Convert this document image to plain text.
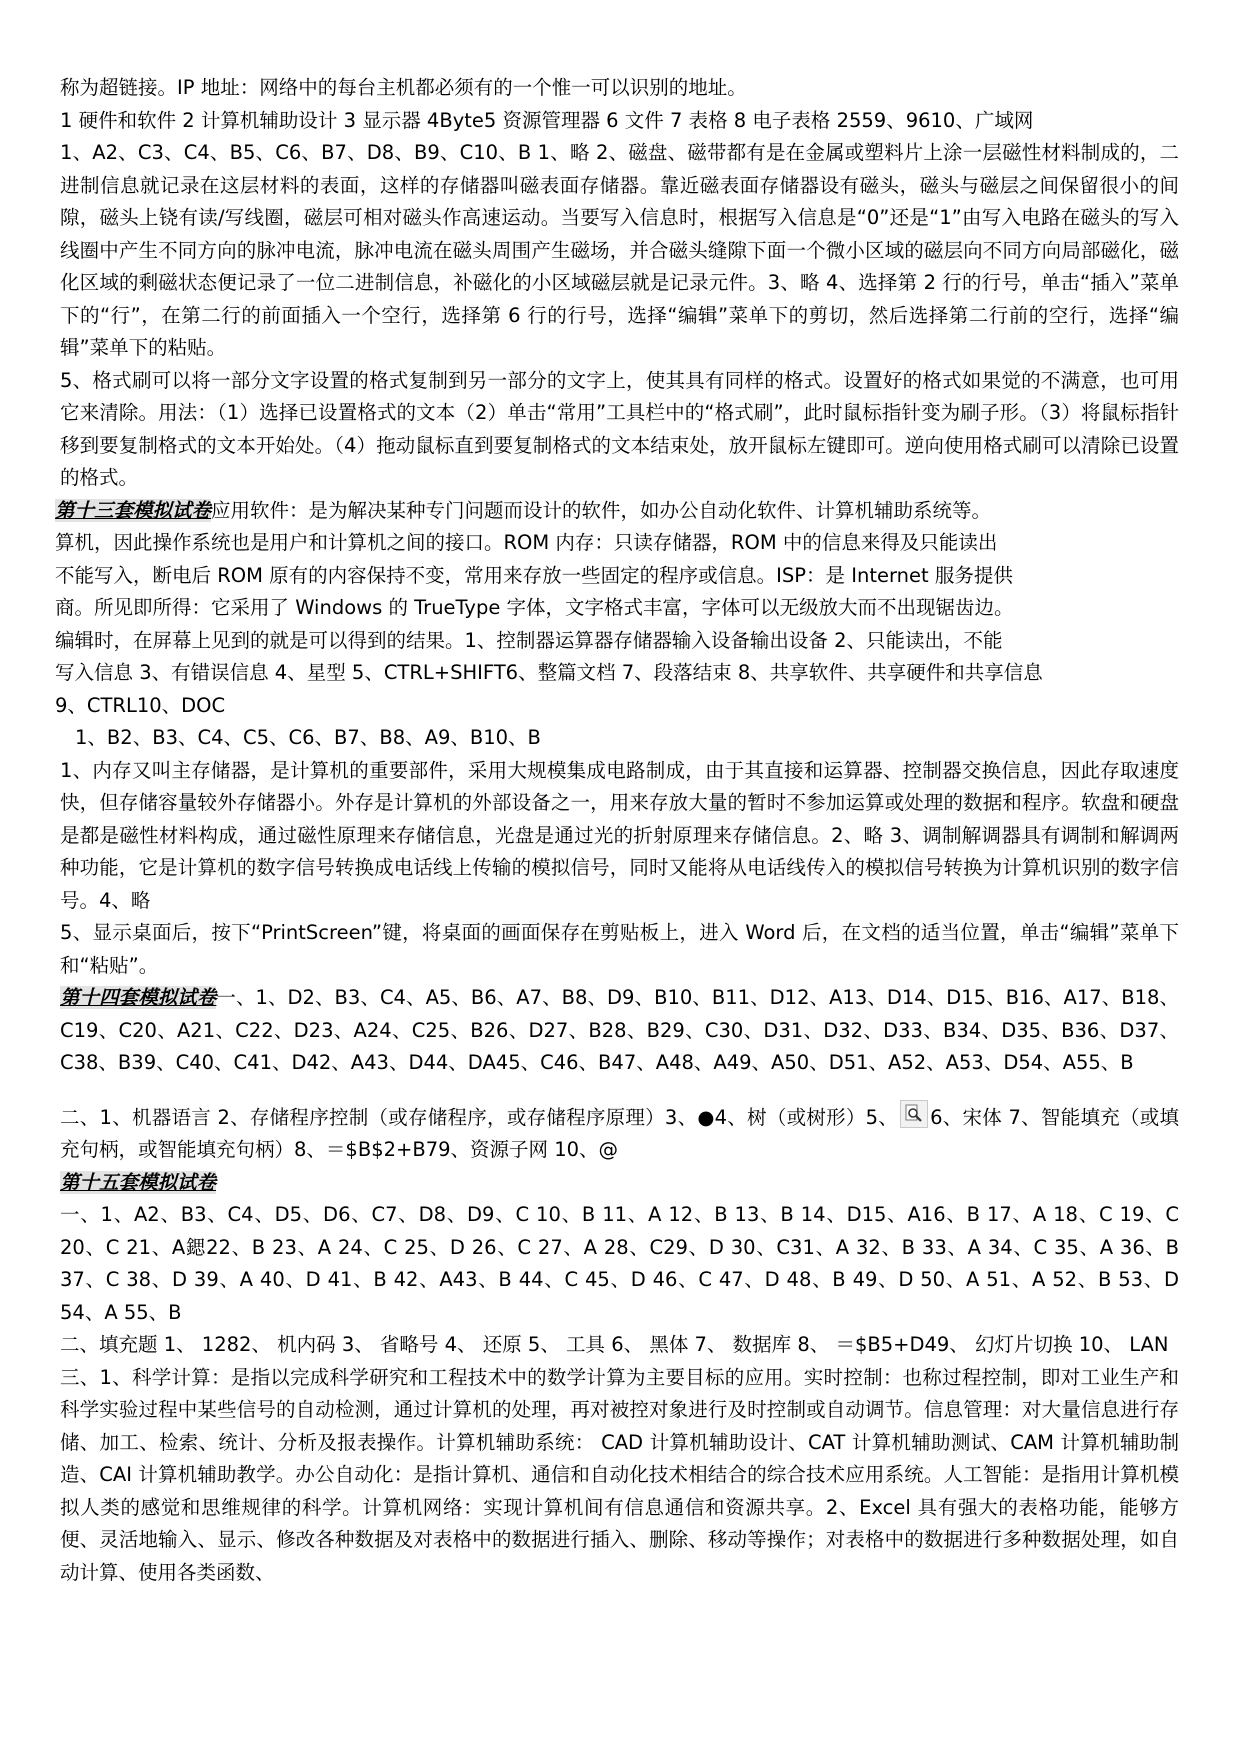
称为超链接。IP 地址：网络中的每台主机都必须有的一个惟一可以识别的地址。

1 硬件和软件 2 计算机辅助设计 3 显示器 4Byte5 资源管理器 6 文件 7 表格 8 电子表格 2559、9610、广域网

1、A2、C3、C4、B5、C6、B7、D8、B9、C10、B 1、略 2、磁盘、磁带都有是在金属或塑料片上涂一层磁性材料制成的，二进制信息就记录在这层材料的表面，这样的存储器叫磁表面存储器。靠近磁表面存储器设有磁头，磁头与磁层之间保留很小的间隙，磁头上铙有读/写线圈，磁层可相对磁头作高速运动。当要写入信息时，根据写入信息是“0”还是“1”由写入电路在磁头的写入线圈中产生不同方向的脉冲电流，脉冲电流在磁头周围产生磁场，并合磁头缝隙下面一个微小区域的磁层向不同方向局部磁化，磁化区域的剩磁状态便记录了一位二进制信息，补磁化的小区域磁层就是记录元件。3、略 4、选择第 2 行的行号，单击“插入”菜单下的“行”，在第二行的前面插入一个空行，选择第 6 行的行号，选择“编辑”菜单下的剪切，然后选择第二行前的空行，选择“编辑”菜单下的粘贴。

5、格式刷可以将一部分文字设置的格式复制到另一部分的文字上，使其具有同样的格式。设置好的格式如果觉的不满意，也可用它来清除。用法：（1）选择已设置格式的文本（2）单击“常用”工具栏中的“格式刷”，此时鼠标指针变为刷子形。（3）将鼠标指针移到要复制格式的文本开始处。（4）拖动鼠标直到要复制格式的文本结束处，放开鼠标左键即可。逆向使用格式刷可以清除已设置的格式。

第十三套模拟试卷应用软件：是为解决某种专门问题而设计的软件，如办公自动化软件、计算机辅助系统等。

算机，因此操作系统也是用户和计算机之间的接口。ROM 内存：只读存储器，ROM 中的信息来得及只能读出

不能写入，断电后 ROM 原有的内容保持不变，常用来存放一些固定的程序或信息。ISP：是 Internet 服务提供

商。所见即所得：它采用了 Windows 的 TrueType 字体，文字格式丰富，字体可以无级放大而不出现锯齿边。

编辑时，在屏幕上见到的就是可以得到的结果。1、控制器运算器存储器输入设备输出设备 2、只能读出，不能

写入信息 3、有错误信息 4、星型 5、CTRL+SHIFT6、整篇文档 7、段落结束 8、共享软件、共享硬件和共享信息

9、CTRL10、DOC

1、B2、B3、C4、C5、C6、B7、B8、A9、B10、B

1、内存又叫主存储器，是计算机的重要部件，采用大规模集成电路制成，由于其直接和运算器、控制器交换信息，因此存取速度快，但存储容量较外存储器小。外存是计算机的外部设备之一，用来存放大量的暂时不参加运算或处理的数据和程序。软盘和硬盘是都是磁性材料构成，通过磁性原理来存储信息，光盘是通过光的折射原理来存储信息。2、略 3、调制解调器具有调制和解调两种功能，它是计算机的数字信号转换成电话线上传输的模拟信号，同时又能将从电话线传入的模拟信号转换为计算机识别的数字信号。4、略

5、显示桌面后，按下“PrintScreen”键，将桌面的画面保存在剪贴板上，进入 Word 后，在文档的适当位置，单击“编辑”菜单下和“粘贴”。

第十四套模拟试卷一、1、D2、B3、C4、A5、B6、A7、B8、D9、B10、B11、D12、A13、D14、D15、B16、A17、B18、C19、C20、A21、C22、D23、A24、C25、B26、D27、B28、B29、C30、D31、D32、D33、B34、D35、B36、D37、C38、B39、C40、C41、D42、A43、D44、DA45、C46、B47、A48、A49、A50、D51、A52、A53、D54、A55、B

二、1、机器语言 2、存储程序控制（或存储程序，或存储程序原理）3、●4、树（或树形）5、 6、宋体 7、智能填充（或填充句柄，或智能填充句柄）8、＝$B$2+B79、资源子网 10、@

第十五套模拟试卷

一、1、A2、B3、C4、D5、D6、C7、D8、D9、C 10、B 11、A 12、B 13、B 14、D15、A16、B 17、A 18、C 19、C 20、C 21、A鍶22、B 23、A 24、C 25、D 26、C 27、A 28、C29、D 30、C31、A 32、B 33、A 34、C 35、A 36、B 37、C 38、D 39、A 40、D 41、B 42、A43、B 44、C 45、D 46、C 47、D 48、B 49、D 50、A 51、A 52、B 53、D 54、A 55、B

二、填充题 1、 1282、 机内码 3、 省略号 4、 还原 5、 工具 6、 黑体 7、 数据库 8、 ＝$B5+D49、 幻灯片切换 10、 LAN

三、1、科学计算：是指以完成科学研究和工程技术中的数学计算为主要目标的应用。实时控制：也称过程控制，即对工业生产和科学实验过程中某些信号的自动检测，通过计算机的处理，再对被控对象进行及时控制或自动调节。信息管理：对大量信息进行存储、加工、检索、统计、分析及报表操作。计算机辅助系统： CAD 计算机辅助设计、CAT 计算机辅助测试、CAM 计算机辅助制造、CAI 计算机辅助教学。办公自动化：是指计算机、通信和自动化技术相结合的综合技术应用系统。人工智能：是指用计算机模拟人类的感觉和思维规律的科学。计算机网络：实现计算机间有信息通信和资源共享。2、Excel 具有强大的表格功能，能够方便、灵活地输入、显示、修改各种数据及对表格中的数据进行插入、删除、移动等操作；对表格中的数据进行多种数据处理，如自动计算、使用各类函数、
